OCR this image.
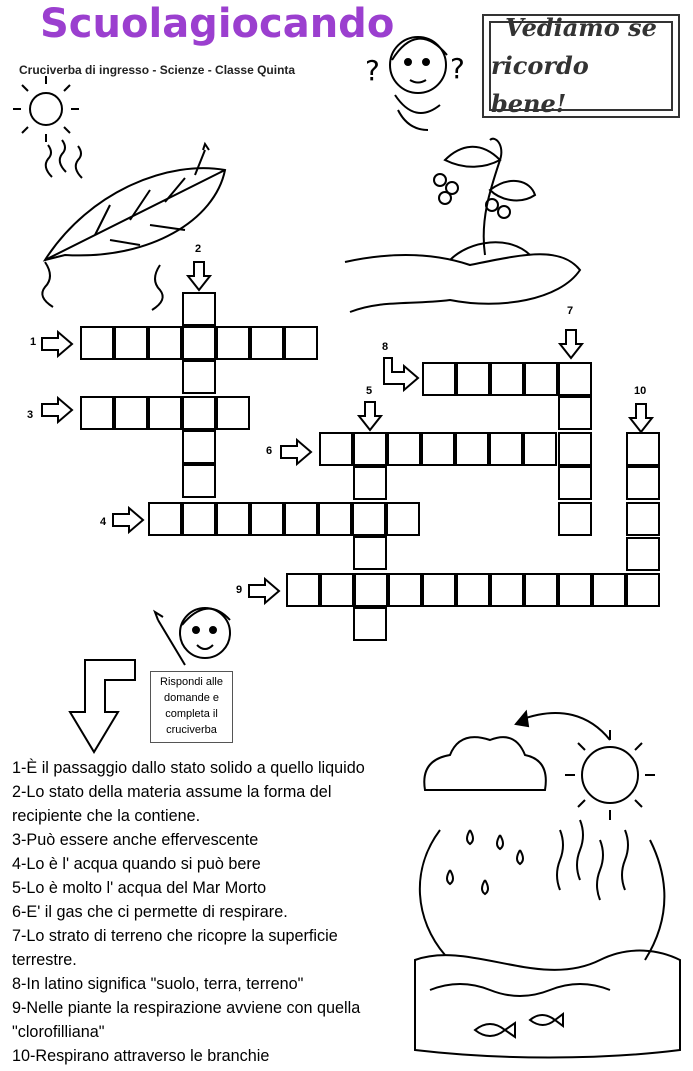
Scuolagiocando
Cruciverba di ingresso - Scienze - Classe Quinta
Vediamo se
ricordo bene!
?	?
1
2
3
4
5
6
7
8
9
10
Rispondi alle
domande e
completa il
cruciverba
1-È il passaggio dallo stato solido a quello liquido
2-Lo stato della materia assume la forma del recipiente che la contiene.
3-Può essere anche effervescente
4-Lo è l' acqua quando si può bere
5-Lo è molto l' acqua del Mar Morto
6-E' il gas che ci permette di respirare.
7-Lo strato di terreno che ricopre la superficie terrestre.
8-In latino significa "suolo, terra, terreno"
9-Nelle piante la respirazione avviene con quella "clorofilliana"
10-Respirano attraverso le branchie
